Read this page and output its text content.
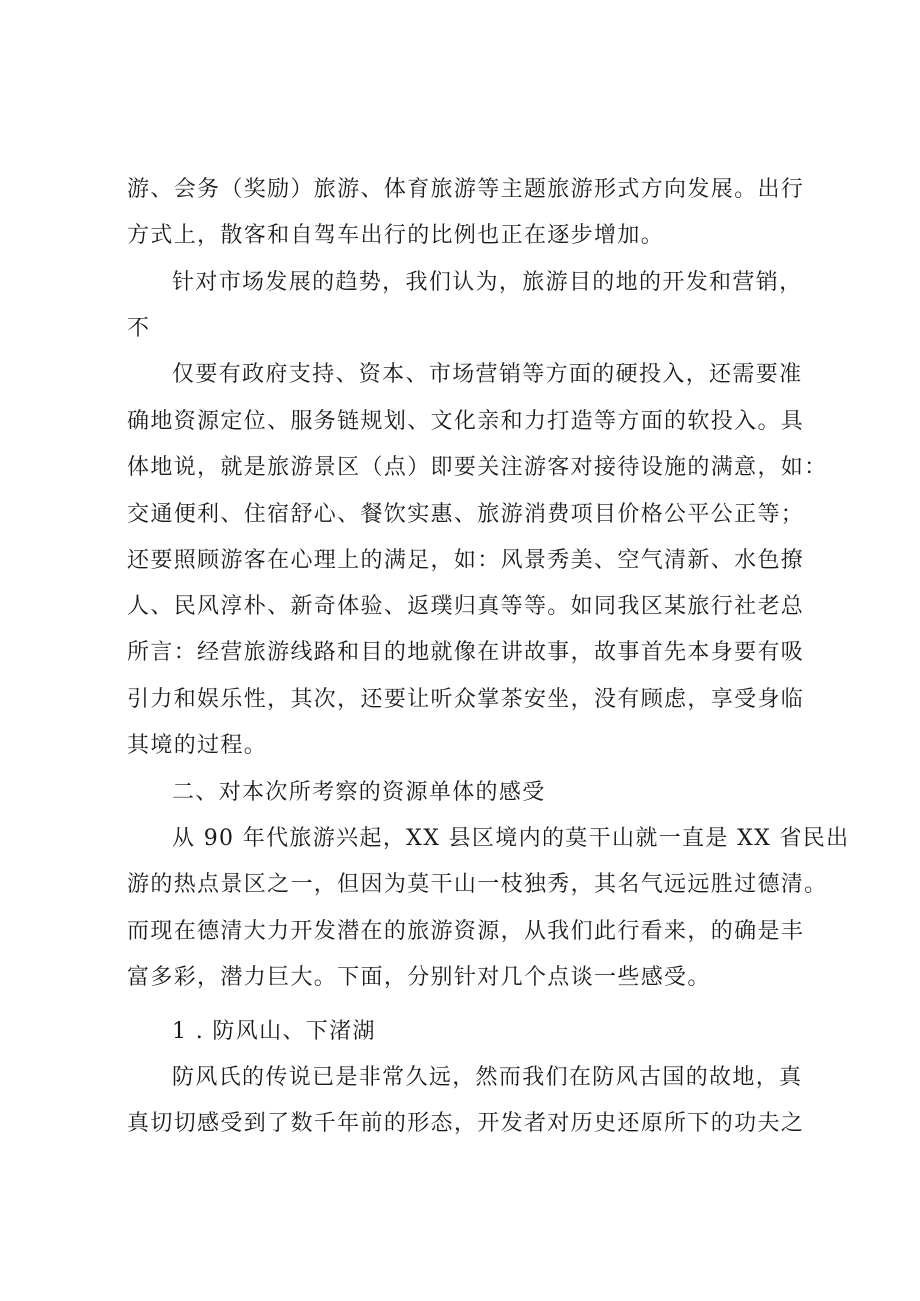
游、会务（奖励）旅游、体育旅游等主题旅游形式方向发展。出行

方式上，散客和自驾车出行的比例也正在逐步增加。

针对市场发展的趋势，我们认为，旅游目的地的开发和营销，

不

仅要有政府支持、资本、市场营销等方面的硬投入，还需要准

确地资源定位、服务链规划、文化亲和力打造等方面的软投入。具

体地说，就是旅游景区（点）即要关注游客对接待设施的满意，如：

交通便利、住宿舒心、餐饮实惠、旅游消费项目价格公平公正等；

还要照顾游客在心理上的满足，如：风景秀美、空气清新、水色撩

人、民风淳朴、新奇体验、返璞归真等等。如同我区某旅行社老总

所言：经营旅游线路和目的地就像在讲故事，故事首先本身要有吸

引力和娱乐性，其次，还要让听众掌茶安坐，没有顾虑，享受身临

其境的过程。

二、对本次所考察的资源单体的感受

从 90 年代旅游兴起，XX 县区境内的莫干山就一直是 XX 省民出

游的热点景区之一，但因为莫干山一枝独秀，其名气远远胜过德清。

而现在德清大力开发潜在的旅游资源，从我们此行看来，的确是丰

富多彩，潜力巨大。下面，分别针对几个点谈一些感受。

1 . 防风山、下渚湖

防风氏的传说已是非常久远，然而我们在防风古国的故地，真

真切切感受到了数千年前的形态，开发者对历史还原所下的功夫之
